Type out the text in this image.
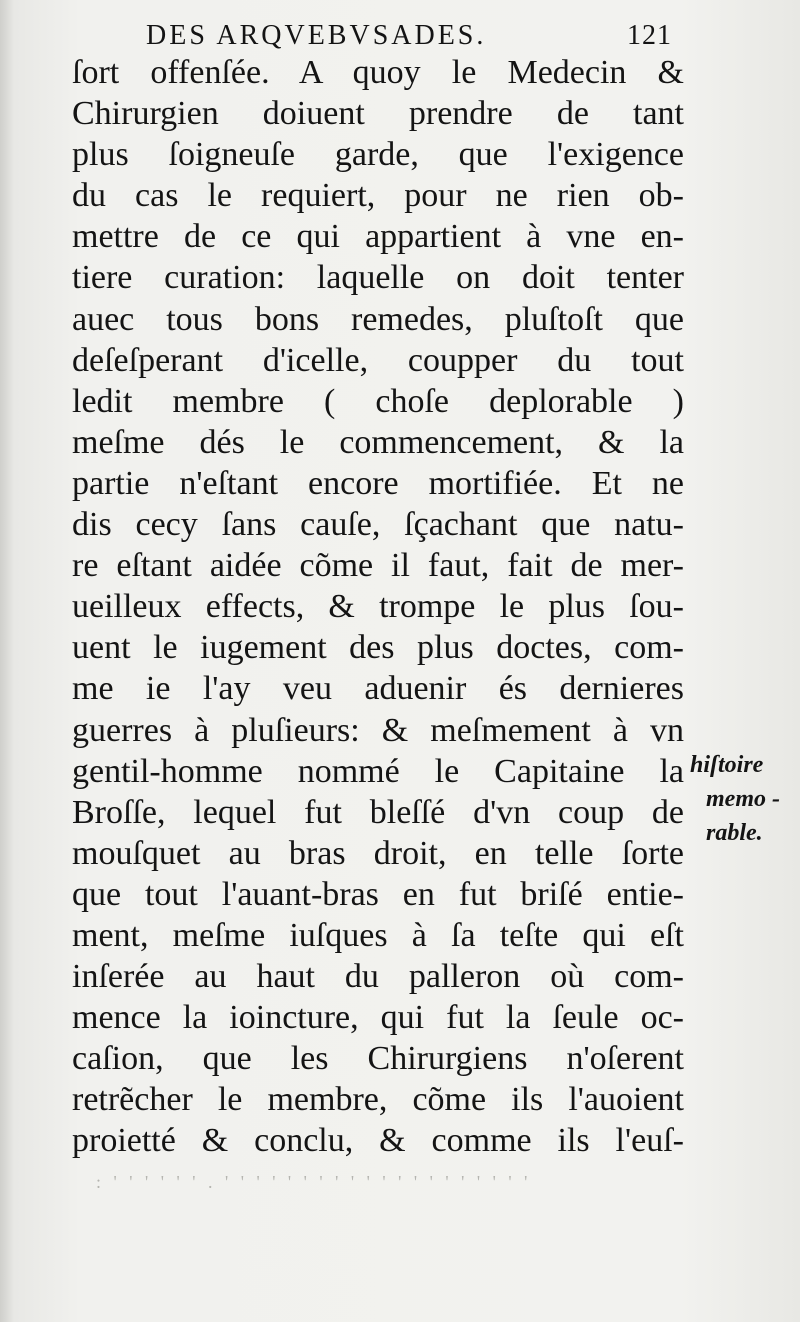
DES ARQVEBVSADES.	121
ſort offenſée. A quoy le Medecin &
Chirurgien doiuent prendre de tant
plus ſoigneuſe garde, que l'exigence
du cas le requiert, pour ne rien ob-
mettre de ce qui appartient à vne en-
tiere curation: laquelle on doit tenter
auec tous bons remedes, pluſtoſt que
deſeſperant d'icelle, coupper du tout
ledit membre ( choſe deplorable )
meſme dés le commencement, & la
partie n'eſtant encore mortifiée. Et ne
dis cecy ſans cauſe, ſçachant que natu-
re eſtant aidée cõme il faut, fait de mer-
ueilleux effects, & trompe le plus ſou-
uent le iugement des plus doctes, com-
me ie l'ay veu aduenir és dernieres
guerres à pluſieurs: & meſmement à vn
gentil-homme nommé le Capitaine la
Broſſe, lequel fut bleſſé d'vn coup de
mouſquet au bras droit, en telle ſorte
que tout l'auant-bras en fut briſé entie-
ment, meſme iuſques à ſa teſte qui eſt
inſerée au haut du palleron où com-
mence la ioincture, qui fut la ſeule oc-
caſion, que les Chirurgiens n'oſerent
retrẽcher le membre, cõme ils l'auoient
proietté & conclu, & comme ils l'euſ-
hiſtoire
memo -
rable.
: ' ' ' ' ' ' . ' ' ' ' ' ' ' ' ' ' ' ' ' ' ' ' ' ' ' '
